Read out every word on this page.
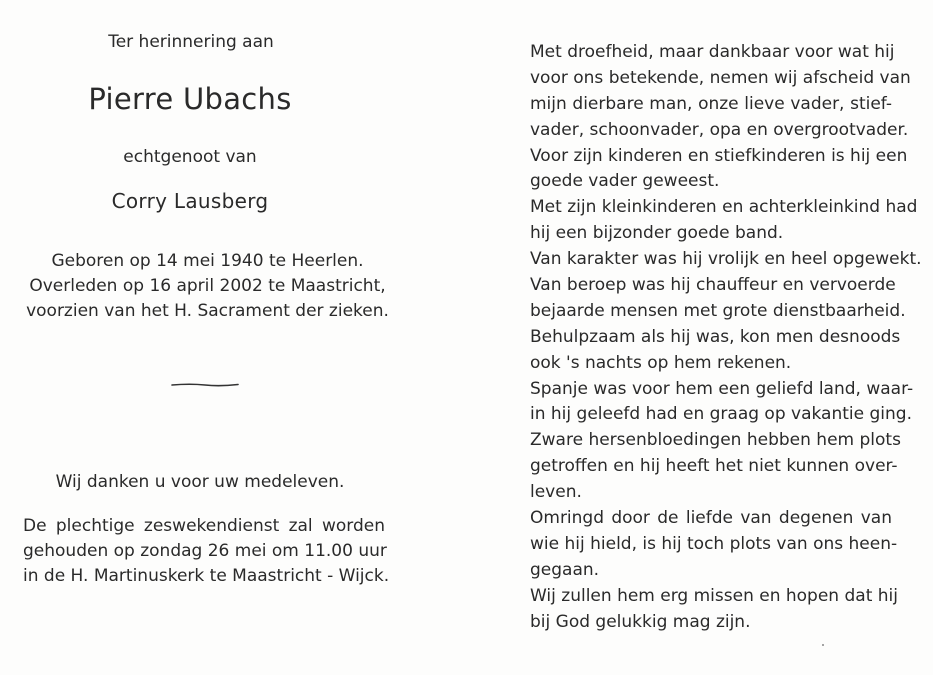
Ter herinnering aan
Pierre Ubachs
echtgenoot van
Corry Lausberg
Geboren op 14 mei 1940 te Heerlen.
Overleden op 16 april 2002 te Maastricht,
voorzien van het H. Sacrament der zieken.
Wij danken u voor uw medeleven.
De plechtige zeswekendienst zal worden
gehouden op zondag 26 mei om 11.00 uur
in de H. Martinuskerk te Maastricht - Wijck.
Met droefheid, maar dankbaar voor wat hij
voor ons betekende, nemen wij afscheid van
mijn dierbare man, onze lieve vader, stief-
vader, schoonvader, opa en overgrootvader.
Voor zijn kinderen en stiefkinderen is hij een
goede vader geweest.
Met zijn kleinkinderen en achterkleinkind had
hij een bijzonder goede band.
Van karakter was hij vrolijk en heel opgewekt.
Van beroep was hij chauffeur en vervoerde
bejaarde mensen met grote dienstbaarheid.
Behulpzaam als hij was, kon men desnoods
ook 's nachts op hem rekenen.
Spanje was voor hem een geliefd land, waar-
in hij geleefd had en graag op vakantie ging.
Zware hersenbloedingen hebben hem plots
getroffen en hij heeft het niet kunnen over-
leven.
Omringd door de liefde van degenen van
wie hij hield, is hij toch plots van ons heen-
gegaan.
Wij zullen hem erg missen en hopen dat hij
bij God gelukkig mag zijn.
